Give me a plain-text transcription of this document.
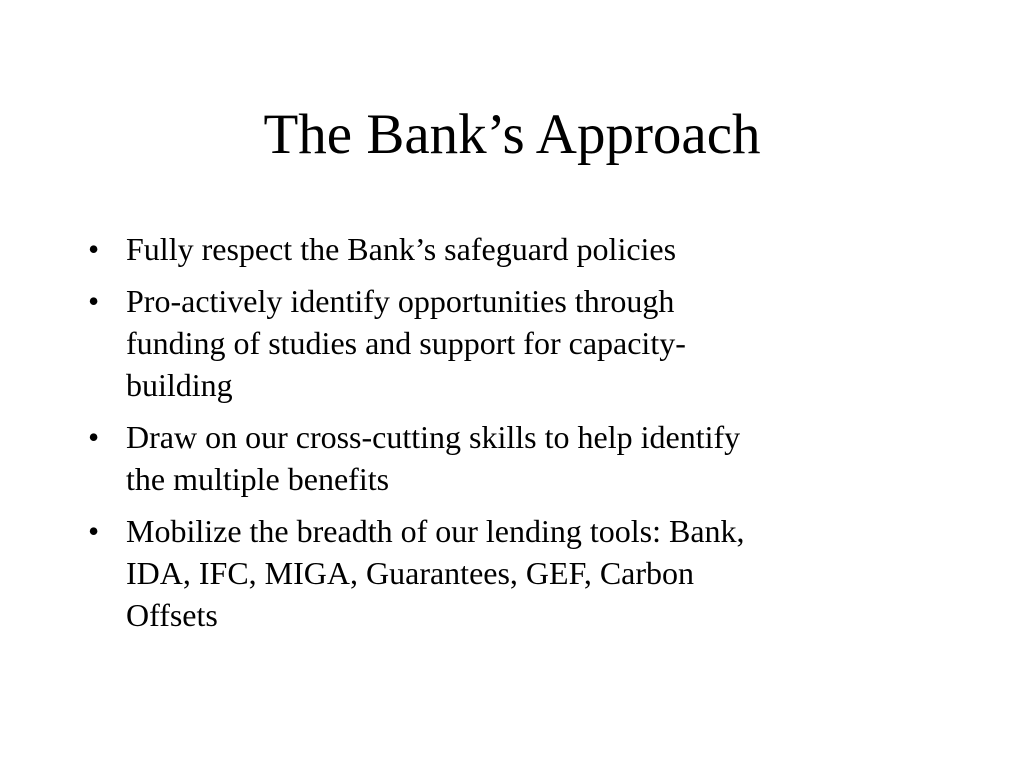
The Bank’s Approach
• Fully respect the Bank’s safeguard policies
• Pro-actively identify opportunities through
funding of studies and support for capacity-
building
• Draw on our cross-cutting skills to help identify
the multiple benefits
• Mobilize the breadth of our lending tools: Bank,
IDA, IFC, MIGA, Guarantees, GEF, Carbon
Offsets
